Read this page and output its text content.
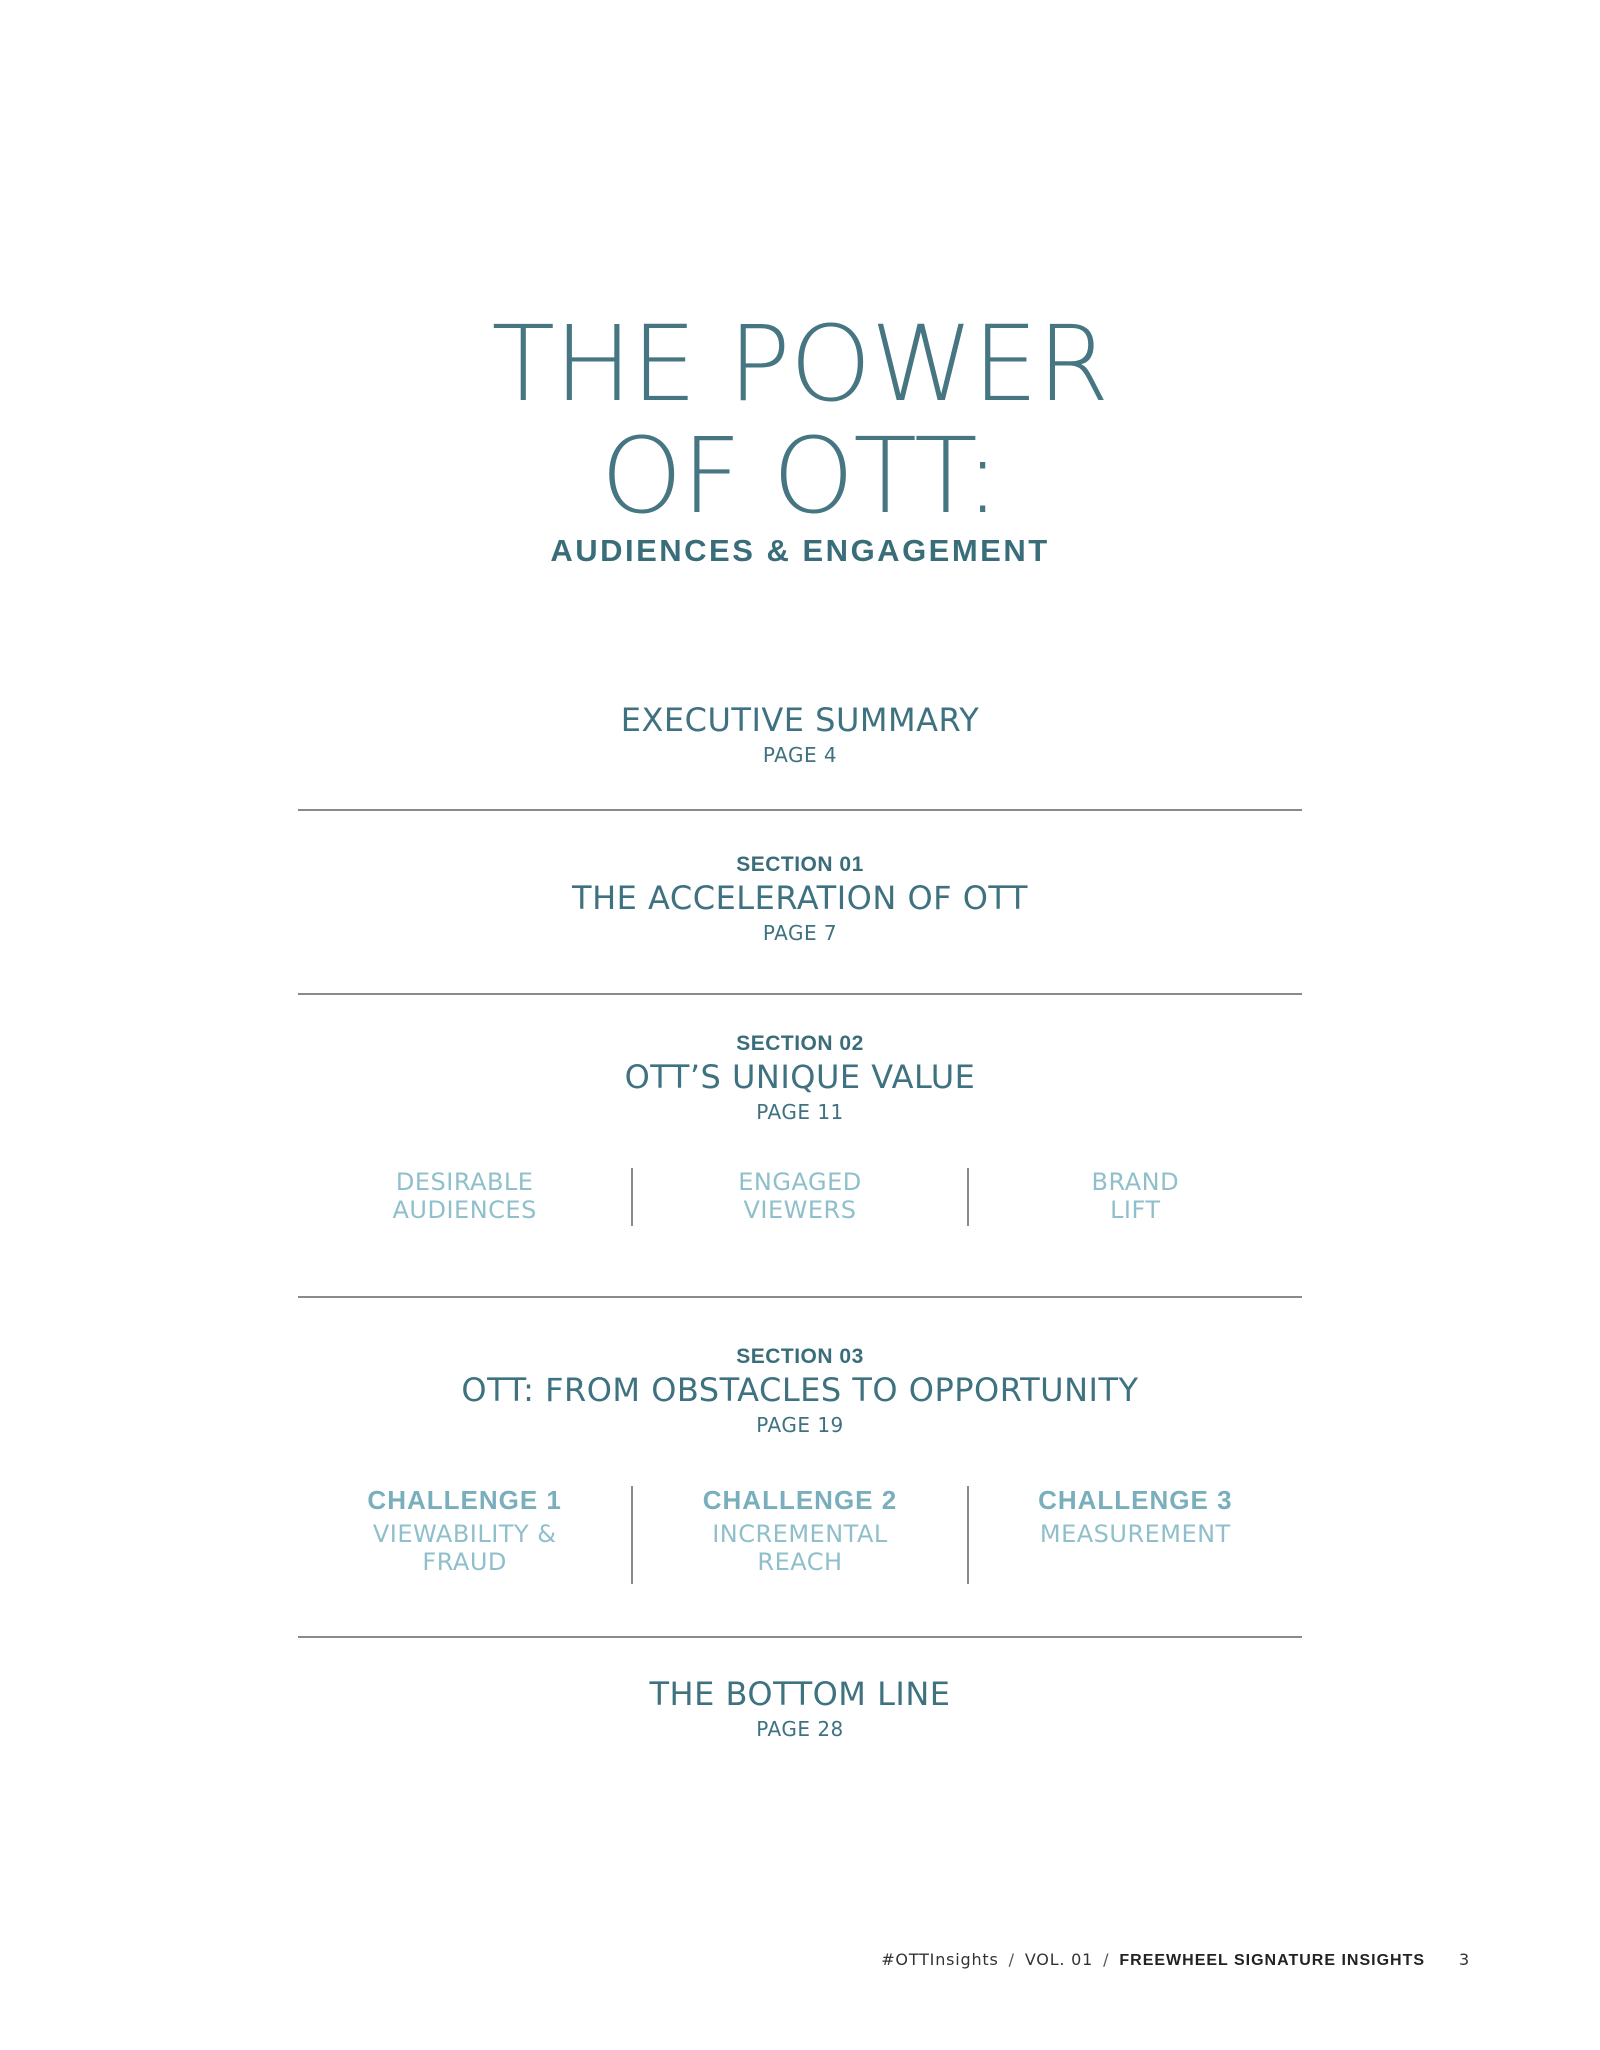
THE POWER
OF OTT:
AUDIENCES & ENGAGEMENT
EXECUTIVE SUMMARY
PAGE 4
SECTION 01
THE ACCELERATION OF OTT
PAGE 7
SECTION 02
OTT’S UNIQUE VALUE
PAGE 11
DESIRABLE
AUDIENCES
ENGAGED
VIEWERS
BRAND
LIFT
SECTION 03
OTT: FROM OBSTACLES TO OPPORTUNITY
PAGE 19
CHALLENGE 1
VIEWABILITY &
FRAUD
CHALLENGE 2
INCREMENTAL
REACH
CHALLENGE 3
MEASUREMENT
THE BOTTOM LINE
PAGE 28
#OTTInsights / VOL. 01 / FREEWHEEL SIGNATURE INSIGHTS 3
